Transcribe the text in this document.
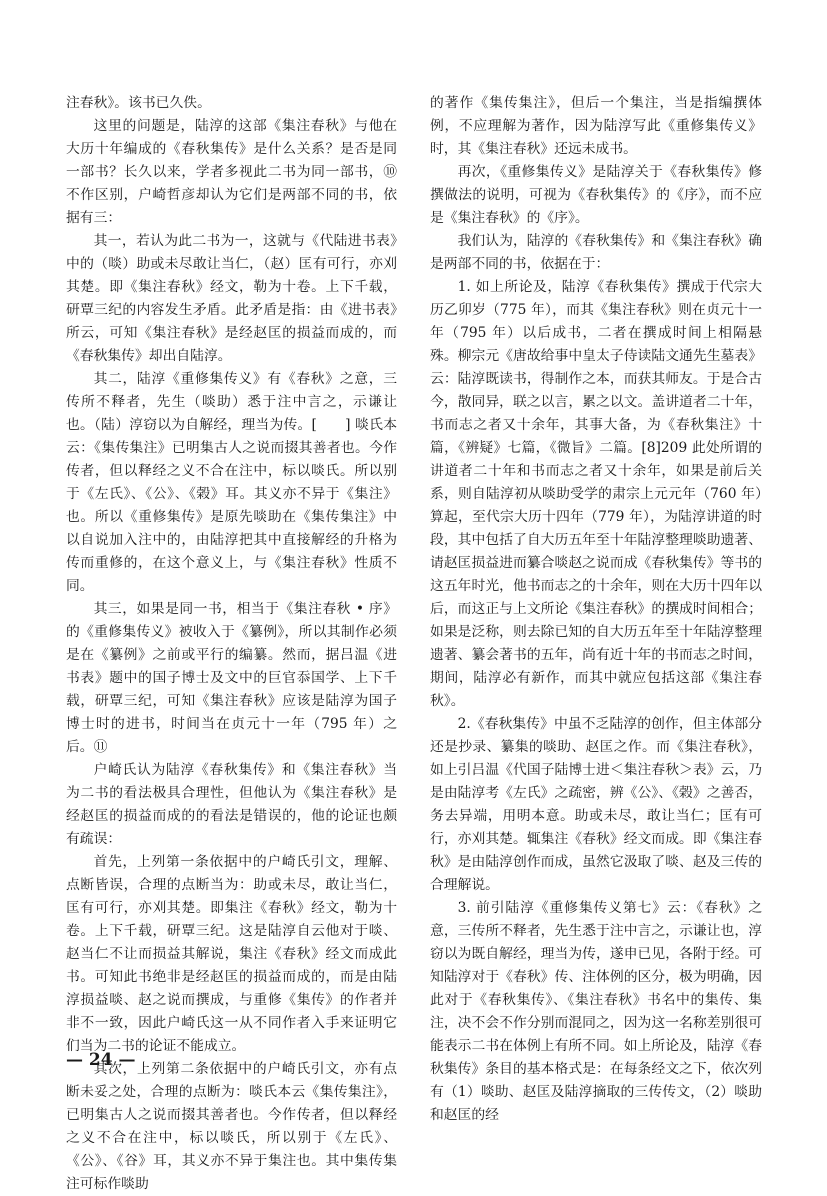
注春秋》。该书已久佚。

这里的问题是，陆淳的这部《集注春秋》与他在大历十年编成的《春秋集传》是什么关系？是否是同一部书？长久以来，学者多视此二书为同一部书，⑩ 不作区别，户崎哲彦却认为它们是两部不同的书，依据有三：

其一，若认为此二书为一，这就与《代陆进书表》中的（啖）助或未尽敢让当仁，（赵）匡有可行，亦刈其楚。即《集注春秋》经文，勒为十卷。上下千载，研覃三纪的内容发生矛盾。此矛盾是指：由《进书表》所云，可知《集注春秋》是经赵匡的损益而成的，而《春秋集传》却出自陆淳。

其二，陆淳《重修集传义》有《春秋》之意，三传所不释者，先生（啖助）悉于注中言之，示谦让也。（陆）淳窃以为自解经，理当为传。[　　] 啖氏本云：《集传集注》已明集古人之说而掇其善者也。今作传者，但以释经之义不合在注中，标以啖氏。所以别于《左氏》、《公》、《榖》耳。其义亦不异于《集注》也。所以《重修集传》是原先啖助在《集传集注》中以自说加入注中的，由陆淳把其中直接解经的升格为传而重修的，在这个意义上，与《集注春秋》性质不同。

其三，如果是同一书，相当于《集注春秋 • 序》的《重修集传义》被收入于《纂例》，所以其制作必须是在《纂例》之前或平行的编纂。然而，据吕温《进书表》题中的国子博士及文中的巨官忝国学、上下千载，研覃三纪，可知《集注春秋》应该是陆淳为国子博士时的进书，时间当在贞元十一年（795 年）之后。⑪

户崎氏认为陆淳《春秋集传》和《集注春秋》当为二书的看法极具合理性，但他认为《集注春秋》是经赵匡的损益而成的的看法是错误的，他的论证也颇有疏误：

首先，上列第一条依据中的户崎氏引文，理解、点断皆误，合理的点断当为：助或未尽，敢让当仁，匡有可行，亦刈其楚。即集注《春秋》经文，勒为十卷。上下千载，研覃三纪。这是陆淳自云他对于啖、赵当仁不让而损益其解说，集注《春秋》经文而成此书。可知此书绝非是经赵匡的损益而成的，而是由陆淳损益啖、赵之说而撰成，与重修《集传》的作者并非不一致，因此户崎氏这一从不同作者入手来证明它们当为二书的论证不能成立。

其次，上列第二条依据中的户崎氏引文，亦有点断未妥之处，合理的点断为：啖氏本云《集传集注》，已明集古人之说而掇其善者也。今作传者，但以释经之义不合在注中，标以啖氏，所以别于《左氏》、《公》、《谷》耳，其义亦不异于集注也。其中集传集注可标作啖助

的著作《集传集注》，但后一个集注，当是指编撰体例，不应理解为著作，因为陆淳写此《重修集传义》时，其《集注春秋》还远未成书。

再次，《重修集传义》是陆淳关于《春秋集传》修撰做法的说明，可视为《春秋集传》的《序》，而不应是《集注春秋》的《序》。

我们认为，陆淳的《春秋集传》和《集注春秋》确是两部不同的书，依据在于：

1. 如上所论及，陆淳《春秋集传》撰成于代宗大历乙卯岁（775 年），而其《集注春秋》则在贞元十一年（795 年）以后成书，二者在撰成时间上相隔悬殊。柳宗元《唐故给事中皇太子侍读陆文通先生墓表》云：陆淳既读书，得制作之本，而获其师友。于是合古今，散同异，联之以言，累之以文。盖讲道者二十年，书而志之者又十余年，其事大备，为《春秋集注》十篇，《辨疑》七篇，《微旨》二篇。[8]209 此处所谓的讲道者二十年和书而志之者又十余年，如果是前后关系，则自陆淳初从啖助受学的肃宗上元元年（760 年）算起，至代宗大历十四年（779 年），为陆淳讲道的时段，其中包括了自大历五年至十年陆淳整理啖助遗著、请赵匡损益进而纂合啖赵之说而成《春秋集传》等书的这五年时光，他书而志之的十余年，则在大历十四年以后，而这正与上文所论《集注春秋》的撰成时间相合；如果是泛称，则去除已知的自大历五年至十年陆淳整理遗著、纂会著书的五年，尚有近十年的书而志之时间，期间，陆淳必有新作，而其中就应包括这部《集注春秋》。

2.《春秋集传》中虽不乏陆淳的创作，但主体部分还是抄录、纂集的啖助、赵匡之作。而《集注春秋》，如上引吕温《代国子陆博士进＜集注春秋＞表》云，乃是由陆淳考《左氏》之疏密，辨《公》、《榖》之善否，务去异端，用明本意。助或未尽，敢让当仁；匡有可行，亦刈其楚。辄集注《春秋》经文而成。即《集注春秋》是由陆淳创作而成，虽然它汲取了啖、赵及三传的合理解说。

3. 前引陆淳《重修集传义第七》云：《春秋》之意，三传所不释者，先生悉于注中言之，示谦让也，淳窃以为既自解经，理当为传，遂申已见，各附于经。可知陆淳对于《春秋》传、注体例的区分，极为明确，因此对于《春秋集传》、《集注春秋》书名中的集传、集注，决不会不作分别而混同之，因为这一名称差别很可能表示二书在体例上有所不同。如上所论及，陆淳《春秋集传》条目的基本格式是：在每条经文之下，依次列有（1）啖助、赵匡及陆淳摘取的三传传文，（2）啖助和赵匡的经

— 24 —
